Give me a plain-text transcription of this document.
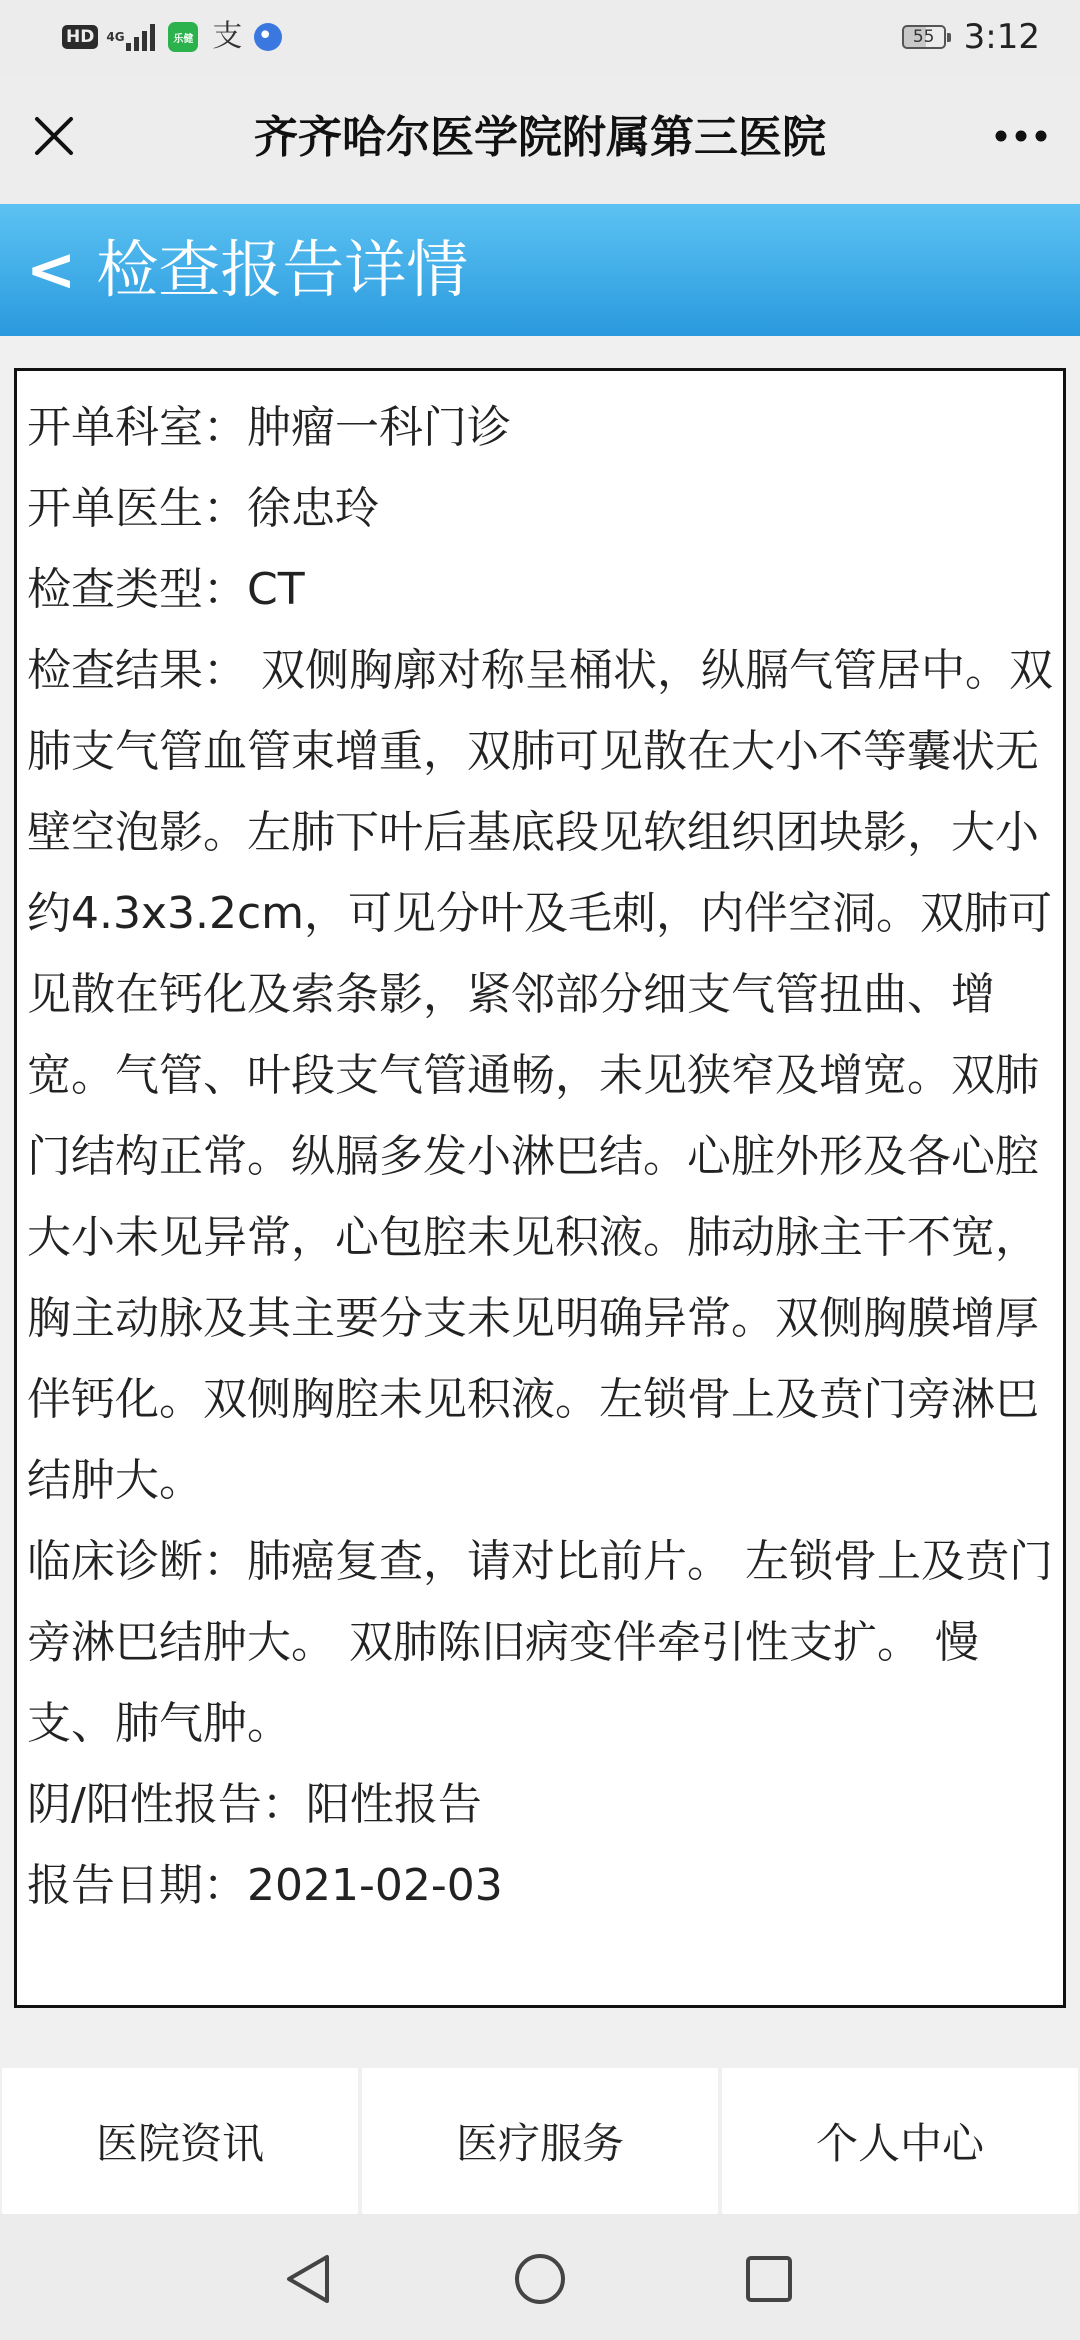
HD	4G	乐健 支	55 3:12
齐齐哈尔医学院附属第三医院
< 检查报告详情
开单科室：肿瘤一科门诊
开单医生：徐忠玲
检查类型：CT
检查结果： 双侧胸廓对称呈桶状，纵膈气管居中。双肺支气管血管束增重，双肺可见散在大小不等囊状无壁空泡影。左肺下叶后基底段见软组织团块影，大小约4.3x3.2cm，可见分叶及毛刺，内伴空洞。双肺可见散在钙化及索条影，紧邻部分细支气管扭曲、增宽。气管、叶段支气管通畅，未见狭窄及增宽。双肺门结构正常。纵膈多发小淋巴结。心脏外形及各心腔大小未见异常，心包腔未见积液。肺动脉主干不宽，胸主动脉及其主要分支未见明确异常。双侧胸膜增厚伴钙化。双侧胸腔未见积液。左锁骨上及贲门旁淋巴结肿大。
临床诊断：肺癌复查，请对比前片。 左锁骨上及贲门旁淋巴结肿大。 双肺陈旧病变伴牵引性支扩。 慢支、肺气肿。
阴/阳性报告：阳性报告
报告日期：2021-02-03
医院资讯	医疗服务	个人中心
